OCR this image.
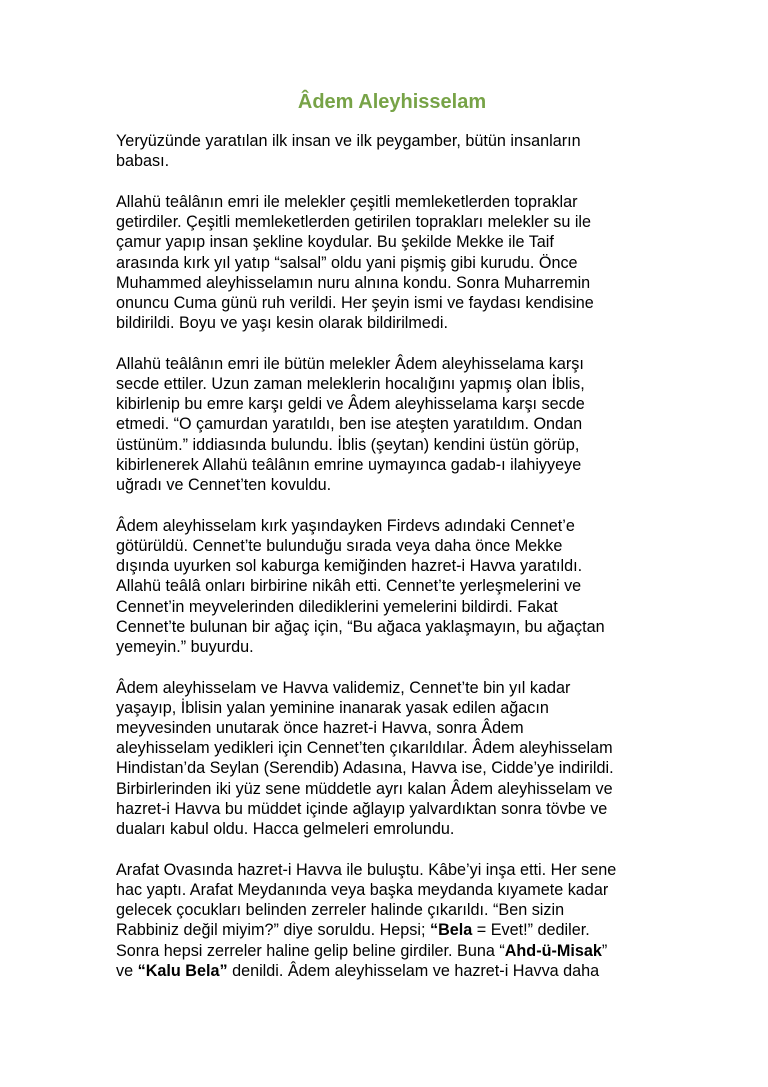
Âdem Aleyhisselam
Yeryüzünde yaratılan ilk insan ve ilk peygamber, bütün insanların
babası.
Allahü teâlânın emri ile melekler çeşitli memleketlerden topraklar
getirdiler. Çeşitli memleketlerden getirilen toprakları melekler su ile
çamur yapıp insan şekline koydular. Bu şekilde Mekke ile Taif
arasında kırk yıl yatıp “salsal” oldu yani pişmiş gibi kurudu. Önce
Muhammed aleyhisselamın nuru alnına kondu. Sonra Muharremin
onuncu Cuma günü ruh verildi. Her şeyin ismi ve faydası kendisine
bildirildi. Boyu ve yaşı kesin olarak bildirilmedi.
Allahü teâlânın emri ile bütün melekler Âdem aleyhisselama karşı
secde ettiler. Uzun zaman meleklerin hocalığını yapmış olan İblis,
kibirlenip bu emre karşı geldi ve Âdem aleyhisselama karşı secde
etmedi. “O çamurdan yaratıldı, ben ise ateşten yaratıldım. Ondan
üstünüm.” iddiasında bulundu. İblis (şeytan) kendini üstün görüp,
kibirlenerek Allahü teâlânın emrine uymayınca gadab-ı ilahiyyeye
uğradı ve Cennet’ten kovuldu.
Âdem aleyhisselam kırk yaşındayken Firdevs adındaki Cennet’e
götürüldü. Cennet’te bulunduğu sırada veya daha önce Mekke
dışında uyurken sol kaburga kemiğinden hazret-i Havva yaratıldı.
Allahü teâlâ onları birbirine nikâh etti. Cennet’te yerleşmelerini ve
Cennet’in meyvelerinden dilediklerini yemelerini bildirdi. Fakat
Cennet’te bulunan bir ağaç için, “Bu ağaca yaklaşmayın, bu ağaçtan
yemeyin.” buyurdu.
Âdem aleyhisselam ve Havva validemiz, Cennet’te bin yıl kadar
yaşayıp, İblisin yalan yeminine inanarak yasak edilen ağacın
meyvesinden unutarak önce hazret-i Havva, sonra Âdem
aleyhisselam yedikleri için Cennet’ten çıkarıldılar. Âdem aleyhisselam
Hindistan’da Seylan (Serendib) Adasına, Havva ise, Cidde’ye indirildi.
Birbirlerinden iki yüz sene müddetle ayrı kalan Âdem aleyhisselam ve
hazret-i Havva bu müddet içinde ağlayıp yalvardıktan sonra tövbe ve
duaları kabul oldu. Hacca gelmeleri emrolundu.
Arafat Ovasında hazret-i Havva ile buluştu. Kâbe’yi inşa etti. Her sene
hac yaptı. Arafat Meydanında veya başka meydanda kıyamete kadar
gelecek çocukları belinden zerreler halinde çıkarıldı. “Ben sizin
Rabbiniz değil miyim?” diye soruldu. Hepsi; “Bela = Evet!” dediler.
Sonra hepsi zerreler haline gelip beline girdiler. Buna “Ahd-ü-Misak”
ve “Kalu Bela” denildi. Âdem aleyhisselam ve hazret-i Havva daha
